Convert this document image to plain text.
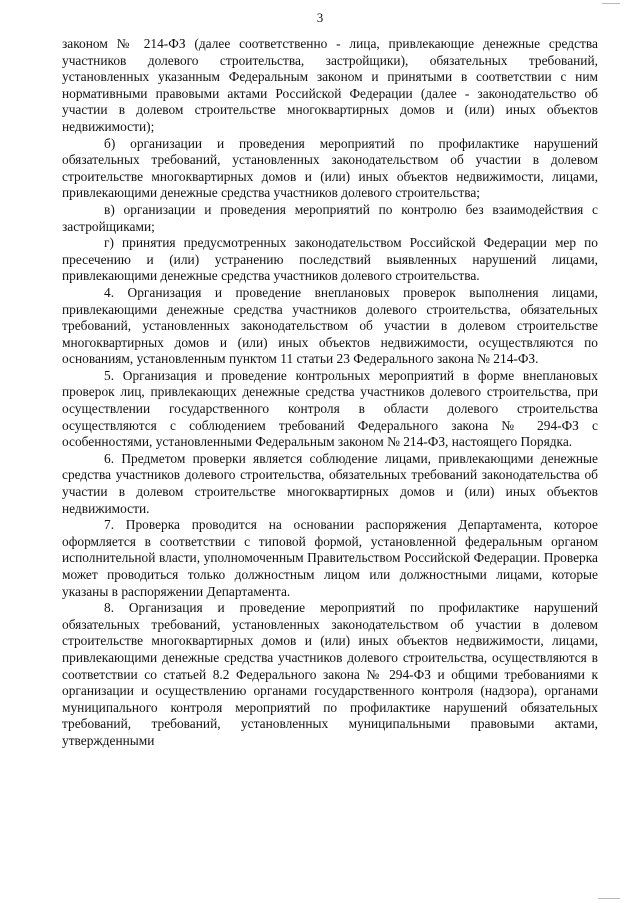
3

законом № 214-ФЗ (далее соответственно - лица, привлекающие денежные средства участников долевого строительства, застройщики), обязательных требований, установленных указанным Федеральным законом и принятыми в соответствии с ним нормативными правовыми актами Российской Федерации (далее - законодательство об участии в долевом строительстве многоквартирных домов и (или) иных объектов недвижимости);

б) организации и проведения мероприятий по профилактике нарушений обязательных требований, установленных законодательством об участии в долевом строительстве многоквартирных домов и (или) иных объектов недвижимости, лицами, привлекающими денежные средства участников долевого строительства;

в) организации и проведения мероприятий по контролю без взаимодействия с застройщиками;

г) принятия предусмотренных законодательством Российской Федерации мер по пресечению и (или) устранению последствий выявленных нарушений лицами, привлекающими денежные средства участников долевого строительства.

4. Организация и проведение внеплановых проверок выполнения лицами, привлекающими денежные средства участников долевого строительства, обязательных требований, установленных законодательством об участии в долевом строительстве многоквартирных домов и (или) иных объектов недвижимости, осуществляются по основаниям, установленным пунктом 11 статьи 23 Федерального закона № 214-ФЗ.

5. Организация и проведение контрольных мероприятий в форме внеплановых проверок лиц, привлекающих денежные средства участников долевого строительства, при осуществлении государственного контроля в области долевого строительства осуществляются с соблюдением требований Федерального закона № 294-ФЗ с особенностями, установленными Федеральным законом № 214-ФЗ, настоящего Порядка.

6. Предметом проверки является соблюдение лицами, привлекающими денежные средства участников долевого строительства, обязательных требований законодательства об участии в долевом строительстве многоквартирных домов и (или) иных объектов недвижимости.

7. Проверка проводится на основании распоряжения Департамента, которое оформляется в соответствии с типовой формой, установленной федеральным органом исполнительной власти, уполномоченным Правительством Российской Федерации. Проверка может проводиться только должностным лицом или должностными лицами, которые указаны в распоряжении Департамента.

8. Организация и проведение мероприятий по профилактике нарушений обязательных требований, установленных законодательством об участии в долевом строительстве многоквартирных домов и (или) иных объектов недвижимости, лицами, привлекающими денежные средства участников долевого строительства, осуществляются в соответствии со статьей 8.2 Федерального закона № 294-ФЗ и общими требованиями к организации и осуществлению органами государственного контроля (надзора), органами муниципального контроля мероприятий по профилактике нарушений обязательных требований, требований, установленных муниципальными правовыми актами, утвержденными
